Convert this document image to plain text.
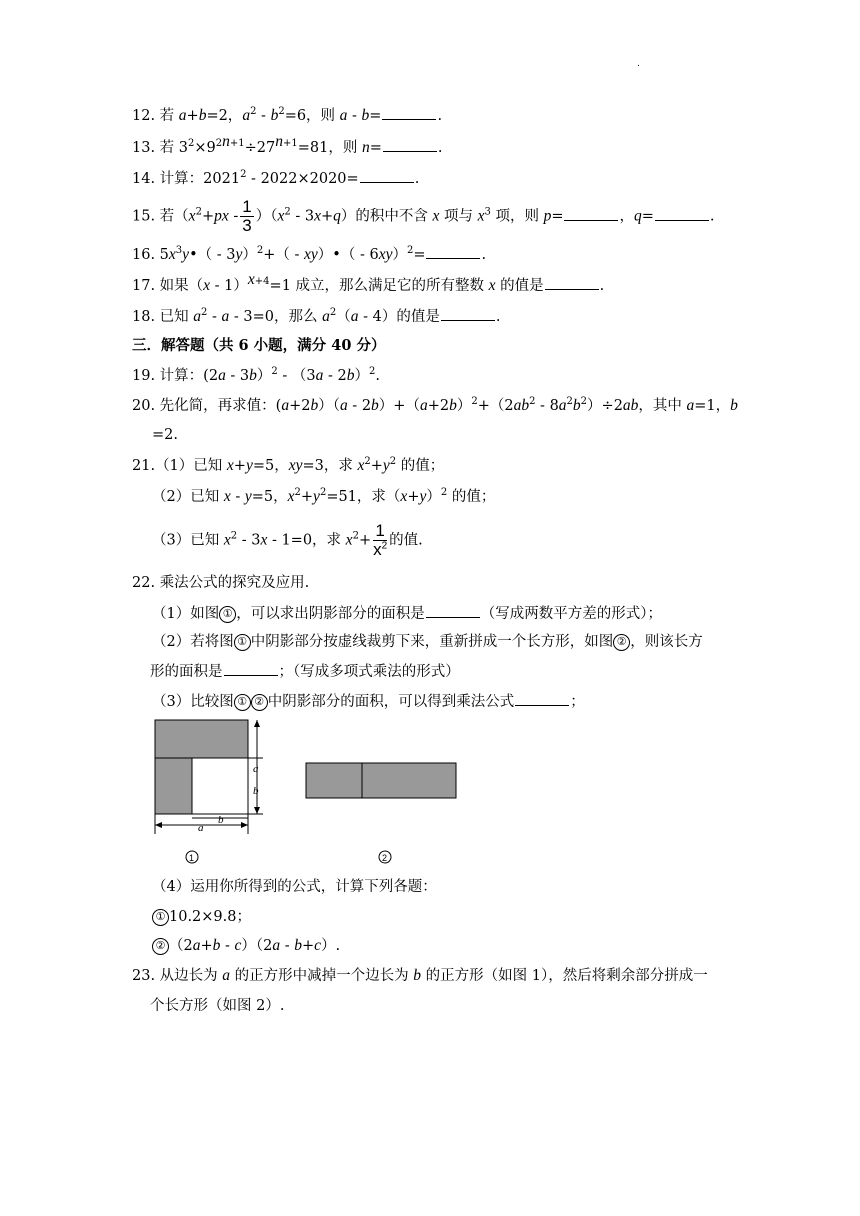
.
12. 若 a+b=2，$a^2 - b^2=6$，则 a - b=	.
13. 若 $3^2\times 9^{2n+1}\div 27^{n+1}=81$，则 n=	.
14. 计算：2021$^2$ - 2022×2020=	.
15. 若$(x^2+px - \frac{1}{3} )(x^2 - 3x+q)$的积中不含 x 项与 $x^3$ 项，则 p=	，q=	.
16. $5x^3y•( - 3y)^2+$（ - xy）•（ - 6xy）$^2$=	.
17. 如果（x - 1）$^{x+4}$=1 成立，那么满足它的所有整数 x 的值是	.
18. 已知 $a^2 - a - 3=0$，那么 $a^2(a - 4)$的值是	.
三．解答题（共 6 小题，满分 40 分）
19. 计算：(2a - 3b）$^2$ - （3a - 2b）$^2$.
20. 先化简，再求值：$(a+2b)(a - 2b)+(a+2b)^2+(2ab^2 - 8a^2b^2)\div 2ab$，其中 a=1，b
=2.
21.（1）已知 x+y=5，xy=3，求 $x^2+y^2$ 的值；
（2）已知 x - y=5，$x^2+y^2=51$，求$(x+y)^2$ 的值；
（3）已知 $x^2 - 3x - 1=0$，求 $x^2+ \frac{1}{x^2}$ 的值.
22. 乘法公式的探究及应用.
（1）如图 ① ，可以求出阴影部分的面积是	（写成两数平方差的形式）；
（2）若将图 ① 中阴影部分按虚线裁剪下来，重新拼成一个长方形，如图 ② ，则该长方
形的面积是	；（写成多项式乘法的形式）
（3）比较图 ① ② 中阴影部分的面积，可以得到乘法公式	；
a
b
a
b
1	2
（4）运用你所得到的公式，计算下列各题：
① 10.2×9.8；
② （2a+b - c）（2a - b+c）.
23. 从边长为 a 的正方形中减掉一个边长为 b 的正方形（如图 1），然后将剩余部分拼成一
个长方形（如图 2）.
